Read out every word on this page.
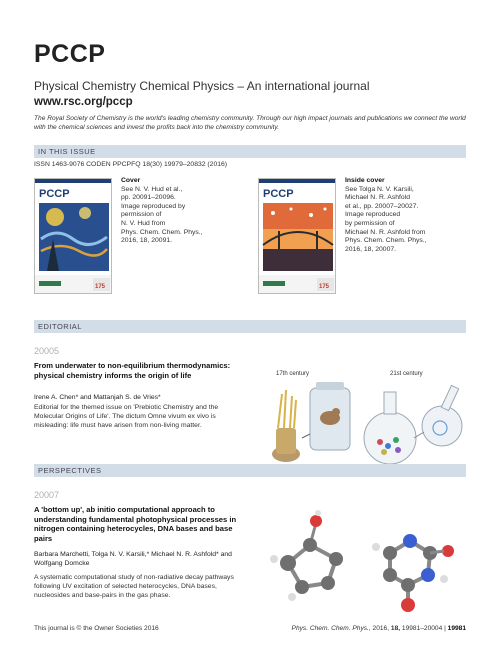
PCCP
Physical Chemistry Chemical Physics – An international journal
www.rsc.org/pccp
The Royal Society of Chemistry is the world's leading chemistry community. Through our high impact journals and publications we connect the world with the chemical sciences and invest the profits back into the chemistry community.
IN THIS ISSUE
ISSN 1463-9076 CODEN PPCPFQ 18(30) 19979–20832 (2016)
PCCP
175
Cover
See N. V. Hud et al.,
pp. 20091–20096.
Image reproduced by
permission of
N. V. Hud from
Phys. Chem. Chem. Phys.,
2016, 18, 20091.
PCCP
175
Inside cover
See Tolga N. V. Karsili,
Michael N. R. Ashfold
et al., pp. 20007–20027.
Image reproduced
by permission of
Michael N. R. Ashfold from
Phys. Chem. Chem. Phys.,
2016, 18, 20007.
EDITORIAL
20005
From underwater to non-equilibrium thermodynamics: physical chemistry informs the origin of life
Irene A. Chen* and Mattanjah S. de Vries*
Editorial for the themed issue on 'Prebiotic Chemistry and the Molecular Origins of Life'. The dictum Omne vivum ex vivo is misleading: life must have arisen from non-living matter.
17th century	21st century
PERSPECTIVES
20007
A 'bottom up', ab initio computational approach to understanding fundamental photophysical processes in nitrogen containing heterocycles, DNA bases and base pairs
Barbara Marchetti, Tolga N. V. Karsili,* Michael N. R. Ashfold* and Wolfgang Domcke
A systematic computational study of non-radiative decay pathways following UV excitation of selected heterocycles, DNA bases, nucleosides and base-pairs in the gas phase.
This journal is © the Owner Societies 2016	Phys. Chem. Chem. Phys., 2016, 18, 19981–20004 | 19981
